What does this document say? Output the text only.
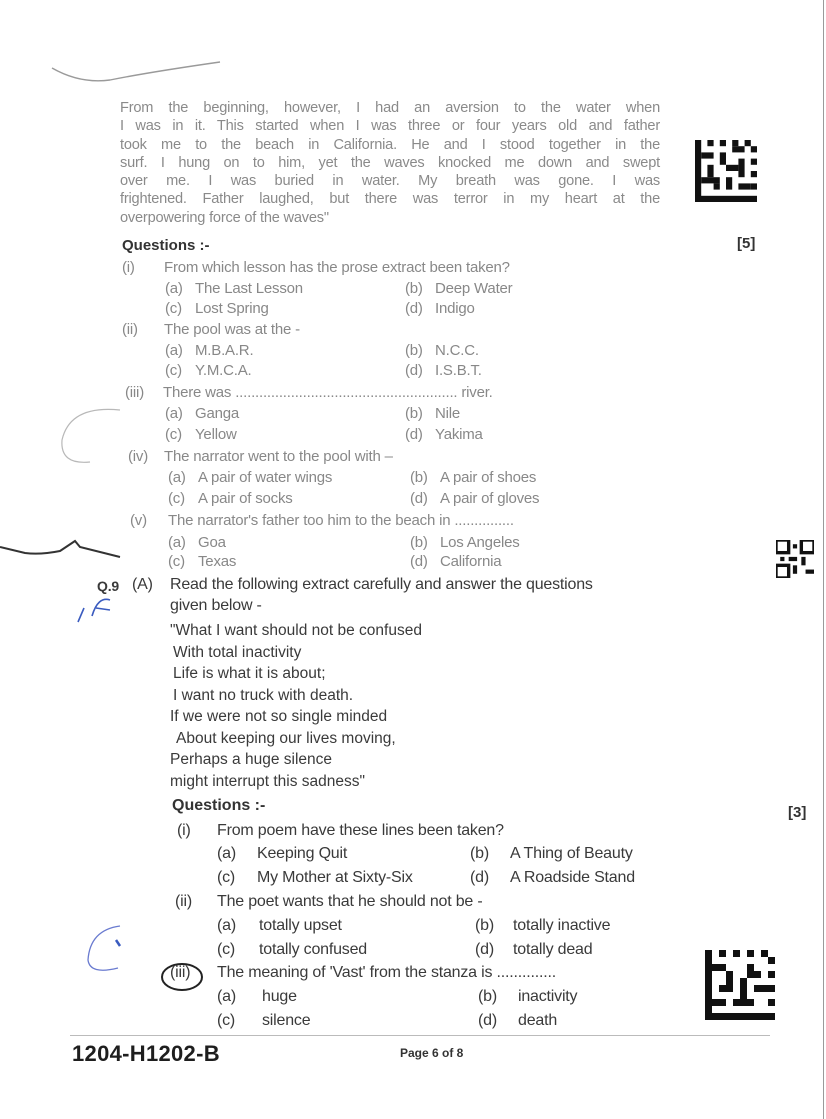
From the beginning, however, I had an aversion to the water when
I was in it. This started when I was three or four years old and father
took me to the beach in California. He and I stood together in the
surf. I hung on to him, yet the waves knocked me down and swept
over me. I was buried in water. My breath was gone. I was
frightened. Father laughed, but there was terror in my heart at the
overpowering force of the waves"
Questions :-	[5]
(i) From which lesson has the prose extract been taken?
(a) The Last Lesson	(b) Deep Water
(c) Lost Spring	(d) Indigo
(ii) The pool was at the -
(a) M.B.A.R.	(b) N.C.C.
(c) Y.M.C.A.	(d) I.S.B.T.
(iii) There was ........................................................ river.
(a) Ganga	(b) Nile
(c) Yellow	(d) Yakima
(iv) The narrator went to the pool with –
(a) A pair of water wings	(b) A pair of shoes
(c) A pair of socks	(d) A pair of gloves
(v) The narrator's father too him to the beach in ...............
(a) Goa	(b) Los Angeles
(c) Texas	(d) California
Q.9 (A) Read the following extract carefully and answer the questions
given below -
"What I want should not be confused
With total inactivity
Life is what it is about;
I want no truck with death.
If we were not so single minded
About keeping our lives moving,
Perhaps a huge silence
might interrupt this sadness"
Questions :-	[3]
(i) From poem have these lines been taken?
(a) Keeping Quit	(b) A Thing of Beauty
(c) My Mother at Sixty-Six	(d) A Roadside Stand
(ii) The poet wants that he should not be -
(a) totally upset	(b) totally inactive
(c) totally confused	(d) totally dead
(iii) The meaning of 'Vast' from the stanza is ..............
(a) huge	(b) inactivity
(c) silence	(d) death
1204-H1202-B	Page 6 of 8
